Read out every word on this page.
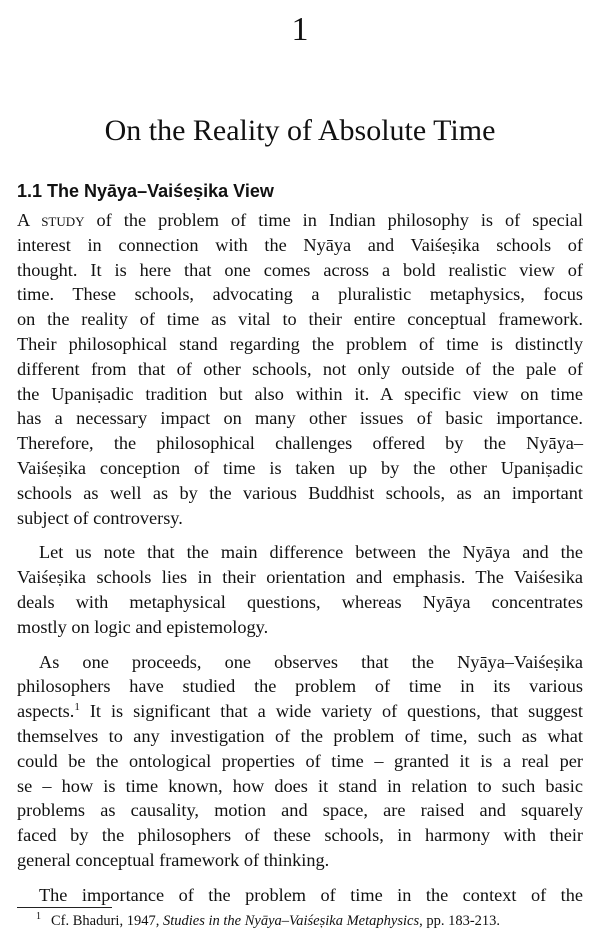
1
On the Reality of Absolute Time
1.1 The Nyāya–Vaiśeṣika View
A study of the problem of time in Indian philosophy is of special
interest in connection with the Nyāya and Vaiśeṣika schools of
thought. It is here that one comes across a bold realistic view of
time. These schools, advocating a pluralistic metaphysics, focus
on the reality of time as vital to their entire conceptual framework.
Their philosophical stand regarding the problem of time is distinctly
different from that of other schools, not only outside of the pale of
the Upaniṣadic tradition but also within it. A specific view on time
has a necessary impact on many other issues of basic importance.
Therefore, the philosophical challenges offered by the Nyāya–
Vaiśeṣika conception of time is taken up by the other Upaniṣadic
schools as well as by the various Buddhist schools, as an important
subject of controversy.
Let us note that the main difference between the Nyāya and the
Vaiśeṣika schools lies in their orientation and emphasis. The Vaiśesika
deals with metaphysical questions, whereas Nyāya concentrates
mostly on logic and epistemology.
As one proceeds, one observes that the Nyāya–Vaiśeṣika
philosophers have studied the problem of time in its various
aspects.$^1$ It is significant that a wide variety of questions, that suggest
themselves to any investigation of the problem of time, such as what
could be the ontological properties of time – granted it is a real per
se – how is time known, how does it stand in relation to such basic
problems as causality, motion and space, are raised and squarely
faced by the philosophers of these schools, in harmony with their
general conceptual framework of thinking.
The importance of the problem of time in the context of the
$^1$ Cf. Bhaduri, 1947, Studies in the Nyāya–Vaiśeṣika Metaphysics, pp. 183-213.
